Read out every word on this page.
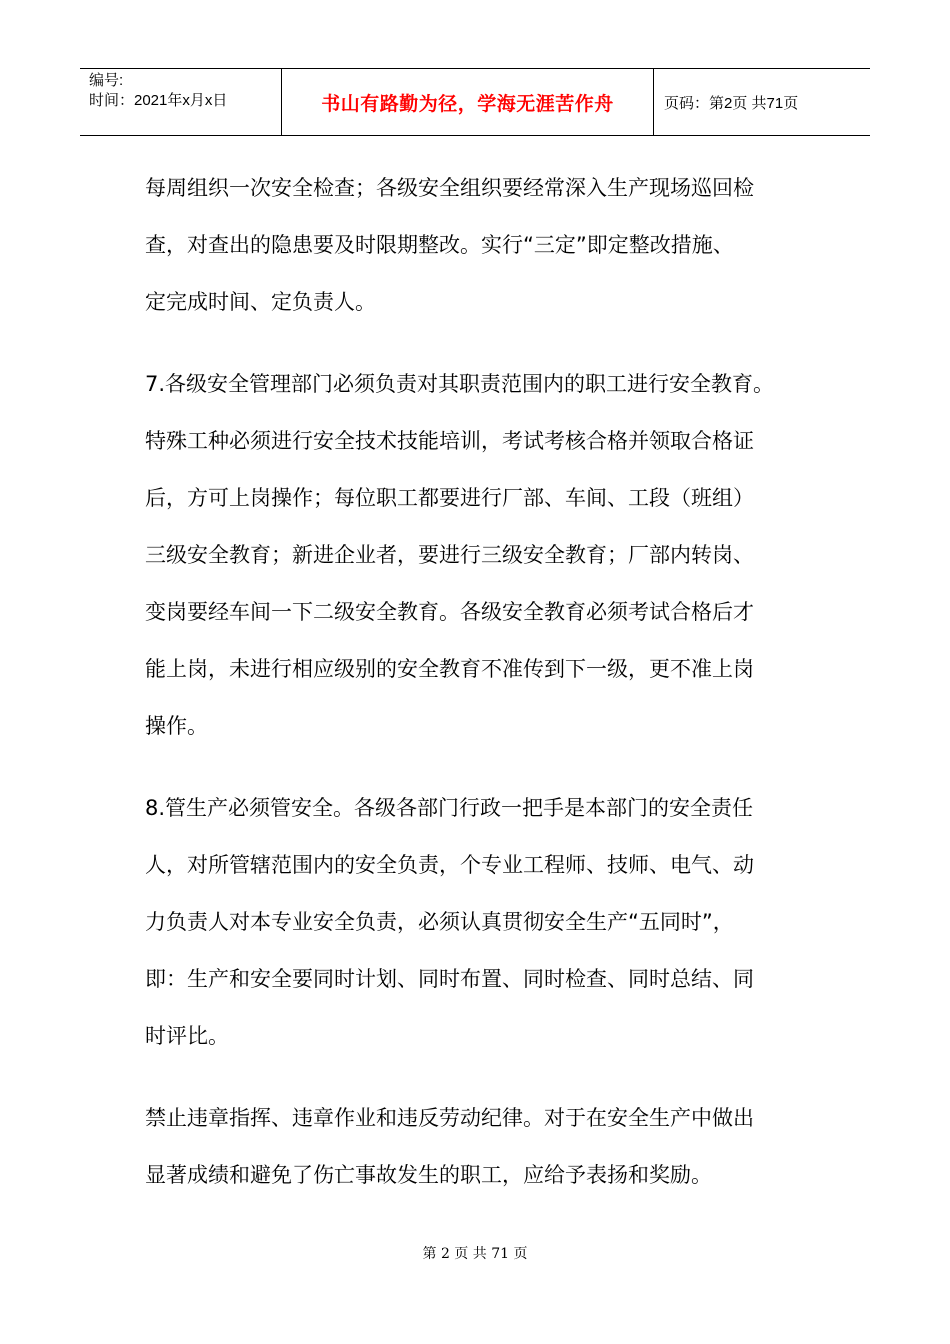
编号:
时间：2021年x月x日	书山有路勤为径，学海无涯苦作舟	页码：第2页 共71页

每周组织一次安全检查；各级安全组织要经常深入生产现场巡回检
查，对查出的隐患要及时限期整改。实行“三定”即定整改措施、
定完成时间、定负责人。

7.各级安全管理部门必须负责对其职责范围内的职工进行安全教育。
特殊工种必须进行安全技术技能培训，考试考核合格并领取合格证
后，方可上岗操作；每位职工都要进行厂部、车间、工段（班组）
三级安全教育；新进企业者，要进行三级安全教育；厂部内转岗、
变岗要经车间一下二级安全教育。各级安全教育必须考试合格后才
能上岗，未进行相应级别的安全教育不准传到下一级，更不准上岗
操作。

8.管生产必须管安全。各级各部门行政一把手是本部门的安全责任
人，对所管辖范围内的安全负责，个专业工程师、技师、电气、动
力负责人对本专业安全负责，必须认真贯彻安全生产“五同时”，
即：生产和安全要同时计划、同时布置、同时检查、同时总结、同
时评比。

禁止违章指挥、违章作业和违反劳动纪律。对于在安全生产中做出
显著成绩和避免了伤亡事故发生的职工，应给予表扬和奖励。

第 2 页 共 71 页
